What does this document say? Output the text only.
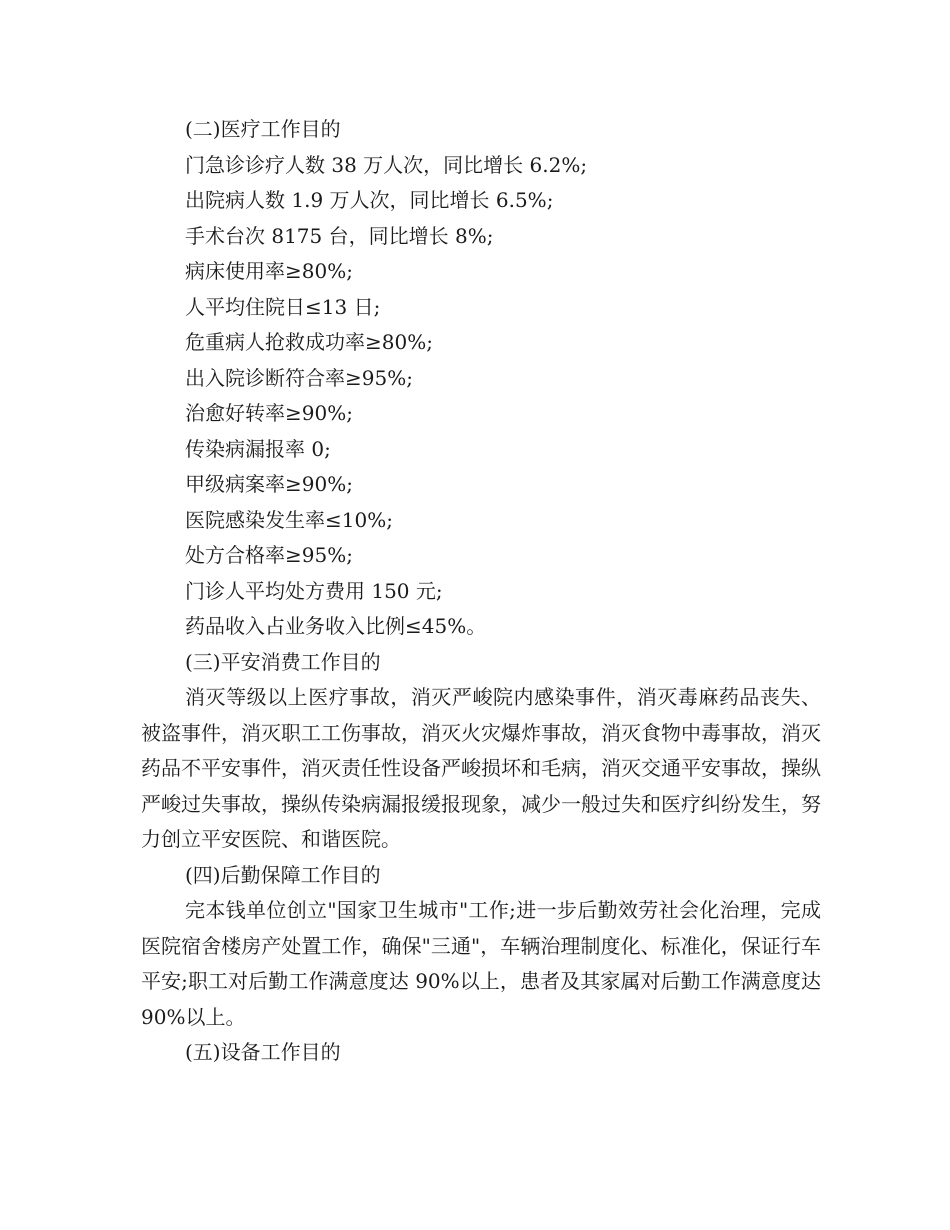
(二)医疗工作目的

门急诊诊疗人数 38 万人次，同比增长 6.2%;

出院病人数 1.9 万人次，同比增长 6.5%;

手术台次 8175 台，同比增长 8%;

病床使用率≥80%;

人平均住院日≤13 日;

危重病人抢救成功率≥80%;

出入院诊断符合率≥95%;

治愈好转率≥90%;

传染病漏报率 0;

甲级病案率≥90%;

医院感染发生率≤10%;

处方合格率≥95%;

门诊人平均处方费用 150 元;

药品收入占业务收入比例≤45%。

(三)平安消费工作目的

消灭等级以上医疗事故，消灭严峻院内感染事件，消灭毒麻药品丧失、被盗事件，消灭职工工伤事故，消灭火灾爆炸事故，消灭食物中毒事故，消灭药品不平安事件，消灭责任性设备严峻损坏和毛病，消灭交通平安事故，操纵严峻过失事故，操纵传染病漏报缓报现象，减少一般过失和医疗纠纷发生，努力创立平安医院、和谐医院。

(四)后勤保障工作目的

完本钱单位创立"国家卫生城市"工作;进一步后勤效劳社会化治理，完成医院宿舍楼房产处置工作，确保"三通"，车辆治理制度化、标准化，保证行车平安;职工对后勤工作满意度达 90%以上，患者及其家属对后勤工作满意度达 90%以上。

(五)设备工作目的
